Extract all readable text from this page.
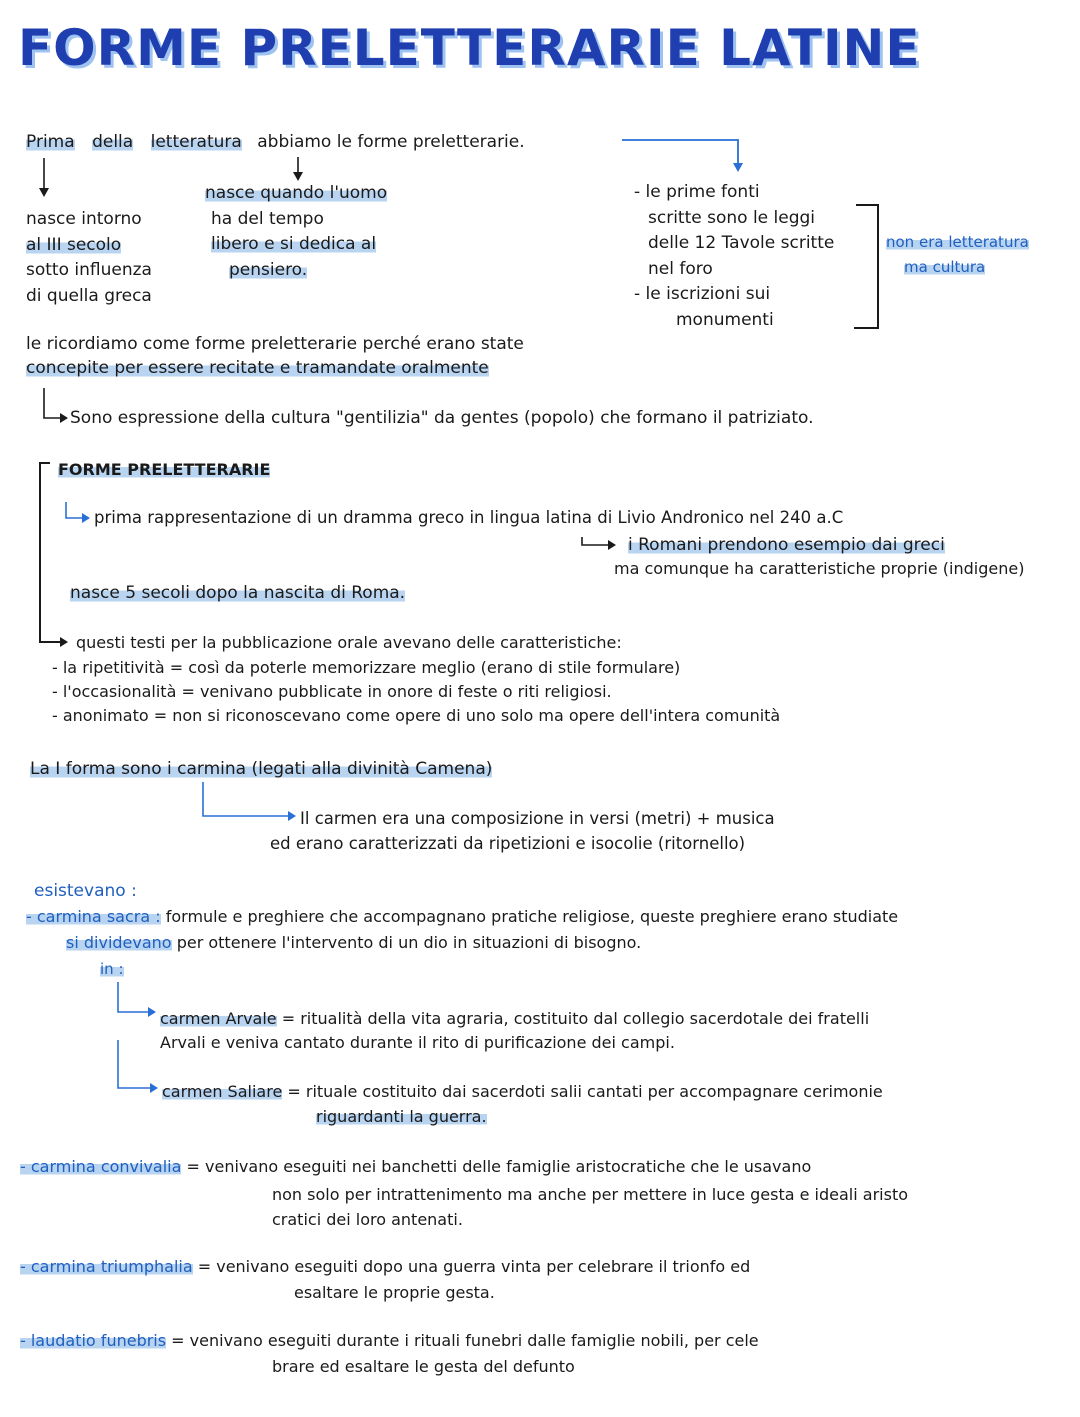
FORME PRELETTERARIE LATINE
Prima della letteratura abbiamo le forme preletterarie.
nasce intorno
al III secolo
sotto influenza
di quella greca
nasce quando l'uomo
ha del tempo
libero e si dedica al
pensiero.
- le prime fonti
scritte sono le leggi
delle 12 Tavole scritte
nel foro
- le iscrizioni sui
monumenti
non era letteratura
ma cultura
le ricordiamo come forme preletterarie perché erano state
concepite per essere recitate e tramandate oralmente
Sono espressione della cultura "gentilizia" da gentes (popolo) che formano il patriziato.
FORME PRELETTERARIE
prima rappresentazione di un dramma greco in lingua latina di Livio Andronico nel 240 a.C
i Romani prendono esempio dai greci
ma comunque ha caratteristiche proprie (indigene)
nasce 5 secoli dopo la nascita di Roma.
questi testi per la pubblicazione orale avevano delle caratteristiche:
- la ripetitività = così da poterle memorizzare meglio (erano di stile formulare)
- l'occasionalità = venivano pubblicate in onore di feste o riti religiosi.
- anonimato = non si riconoscevano come opere di uno solo ma opere dell'intera comunità
La I forma sono i carmina (legati alla divinità Camena)
Il carmen era una composizione in versi (metri) + musica
ed erano caratterizzati da ripetizioni e isocolie (ritornello)
esistevano :
- carmina sacra : formule e preghiere che accompagnano pratiche religiose, queste preghiere erano studiate
si dividevano per ottenere l'intervento di un dio in situazioni di bisogno.
in :
carmen Arvale = ritualità della vita agraria, costituito dal collegio sacerdotale dei fratelli
Arvali e veniva cantato durante il rito di purificazione dei campi.
carmen Saliare = rituale costituito dai sacerdoti salii cantati per accompagnare cerimonie
riguardanti la guerra.
- carmina convivalia = venivano eseguiti nei banchetti delle famiglie aristocratiche che le usavano
non solo per intrattenimento ma anche per mettere in luce gesta e ideali aristo
cratici dei loro antenati.
- carmina triumphalia = venivano eseguiti dopo una guerra vinta per celebrare il trionfo ed
esaltare le proprie gesta.
- laudatio funebris = venivano eseguiti durante i rituali funebri dalle famiglie nobili, per cele
brare ed esaltare le gesta del defunto
